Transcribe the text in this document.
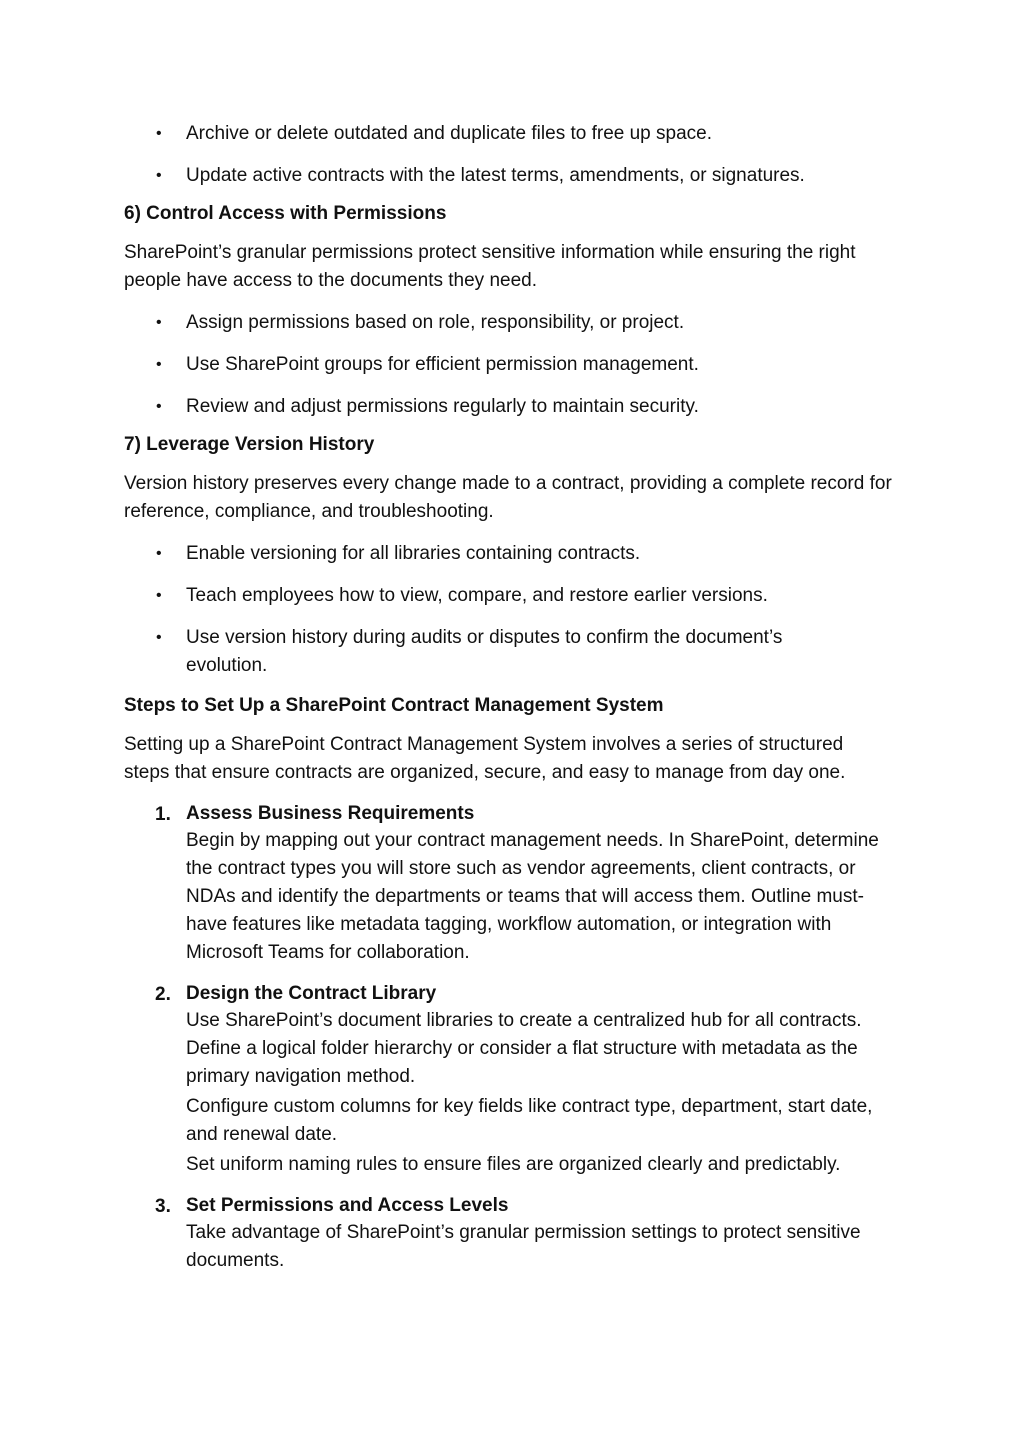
• Archive or delete outdated and duplicate files to free up space.
• Update active contracts with the latest terms, amendments, or signatures.
6) Control Access with Permissions

SharePoint’s granular permissions protect sensitive information while ensuring the right people have access to the documents they need.

• Assign permissions based on role, responsibility, or project.
• Use SharePoint groups for efficient permission management.
• Review and adjust permissions regularly to maintain security.
7) Leverage Version History

Version history preserves every change made to a contract, providing a complete record for reference, compliance, and troubleshooting.

• Enable versioning for all libraries containing contracts.
• Teach employees how to view, compare, and restore earlier versions.
• Use version history during audits or disputes to confirm the document’s evolution.
Steps to Set Up a SharePoint Contract Management System

Setting up a SharePoint Contract Management System involves a series of structured steps that ensure contracts are organized, secure, and easy to manage from day one.

1. Assess Business Requirements
Begin by mapping out your contract management needs. In SharePoint, determine the contract types you will store such as vendor agreements, client contracts, or NDAs and identify the departments or teams that will access them. Outline must-have features like metadata tagging, workflow automation, or integration with Microsoft Teams for collaboration.
2. Design the Contract Library
Use SharePoint’s document libraries to create a centralized hub for all contracts. Define a logical folder hierarchy or consider a flat structure with metadata as the primary navigation method.
Configure custom columns for key fields like contract type, department, start date, and renewal date.
Set uniform naming rules to ensure files are organized clearly and predictably.
3. Set Permissions and Access Levels
Take advantage of SharePoint’s granular permission settings to protect sensitive documents.
